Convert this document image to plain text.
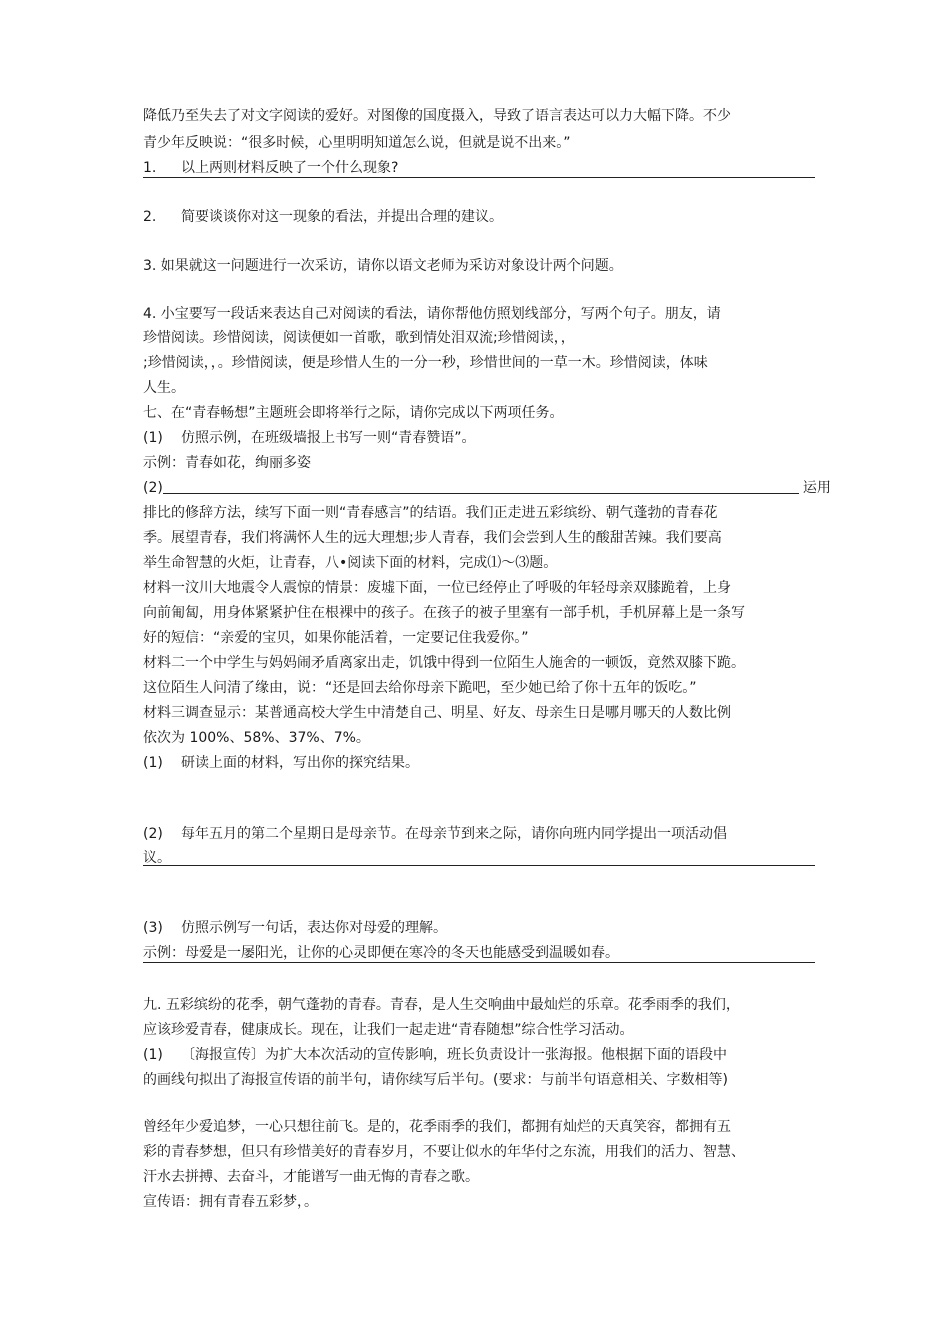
降低乃至失去了对文字阅读的爱好。对图像的国度摄入，导致了语言表达可以力大幅下降。不少
青少年反映说：“很多时候，心里明明知道怎么说，但就是说不出来。”
1. 以上两则材料反映了一个什么现象?
2. 简要谈谈你对这一现象的看法，并提出合理的建议。
3. 如果就这一问题进行一次采访，请你以语文老师为采访对象设计两个问题。
4. 小宝要写一段话来表达自己对阅读的看法，请你帮他仿照划线部分，写两个句子。朋友，请
珍惜阅读。珍惜阅读，阅读便如一首歌，歌到情处泪双流;珍惜阅读，，
;珍惜阅读，，。珍惜阅读，便是珍惜人生的一分一秒，珍惜世间的一草一木。珍惜阅读，体味
人生。
七、在“青春畅想”主题班会即将举行之际，请你完成以下两项任务。
(1) 仿照示例，在班级墙报上书写一则“青春赞语”。
示例：青春如花，绚丽多姿
(2)	运用
排比的修辞方法，续写下面一则“青春感言”的结语。我们正走进五彩缤纷、朝气蓬勃的青春花
季。展望青春，我们将满怀人生的远大理想;步人青春，我们会尝到人生的酸甜苦辣。我们要高
举生命智慧的火炬，让青春，八•阅读下面的材料，完成⑴〜⑶题。
材料一汶川大地震令人震惊的情景：废墟下面，一位已经停止了呼吸的年轻母亲双膝跪着，上身
向前匍匐，用身体紧紧护住在根裸中的孩子。在孩子的被子里塞有一部手机，手机屏幕上是一条写
好的短信：“亲爱的宝贝，如果你能活着，一定要记住我爱你。”
材料二一个中学生与妈妈闹矛盾离家出走，饥饿中得到一位陌生人施舍的一顿饭，竟然双膝下跪。
这位陌生人问清了缘由，说：“还是回去给你母亲下跪吧，至少她已给了你十五年的饭吃。”
材料三调查显示：某普通高校大学生中清楚自己、明星、好友、母亲生日是哪月哪天的人数比例
依次为 100%、58%、37%、7%。
(1) 研读上面的材料，写出你的探究结果。
(2) 每年五月的第二个星期日是母亲节。在母亲节到来之际，请你向班内同学提出一项活动倡
议。
(3) 仿照示例写一句话，表达你对母爱的理解。
示例：母爱是一屡阳光，让你的心灵即便在寒冷的冬天也能感受到温暖如春。
九. 五彩缤纷的花季，朝气蓬勃的青春。青春，是人生交响曲中最灿烂的乐章。花季雨季的我们，
应该珍爱青春，健康成长。现在，让我们一起走进“青春随想”综合性学习活动。
(1) 〔海报宣传〕为扩大本次活动的宣传影响，班长负责设计一张海报。他根据下面的语段中
的画线句拟出了海报宣传语的前半句，请你续写后半句。(要求：与前半句语意相关、字数相等)
曾经年少爱追梦，一心只想往前飞。是的，花季雨季的我们，都拥有灿烂的天真笑容，都拥有五
彩的青春梦想，但只有珍惜美好的青春岁月，不要让似水的年华付之东流，用我们的活力、智慧、
汗水去拼搏、去奋斗，才能谱写一曲无悔的青春之歌。
宣传语：拥有青春五彩梦，。
